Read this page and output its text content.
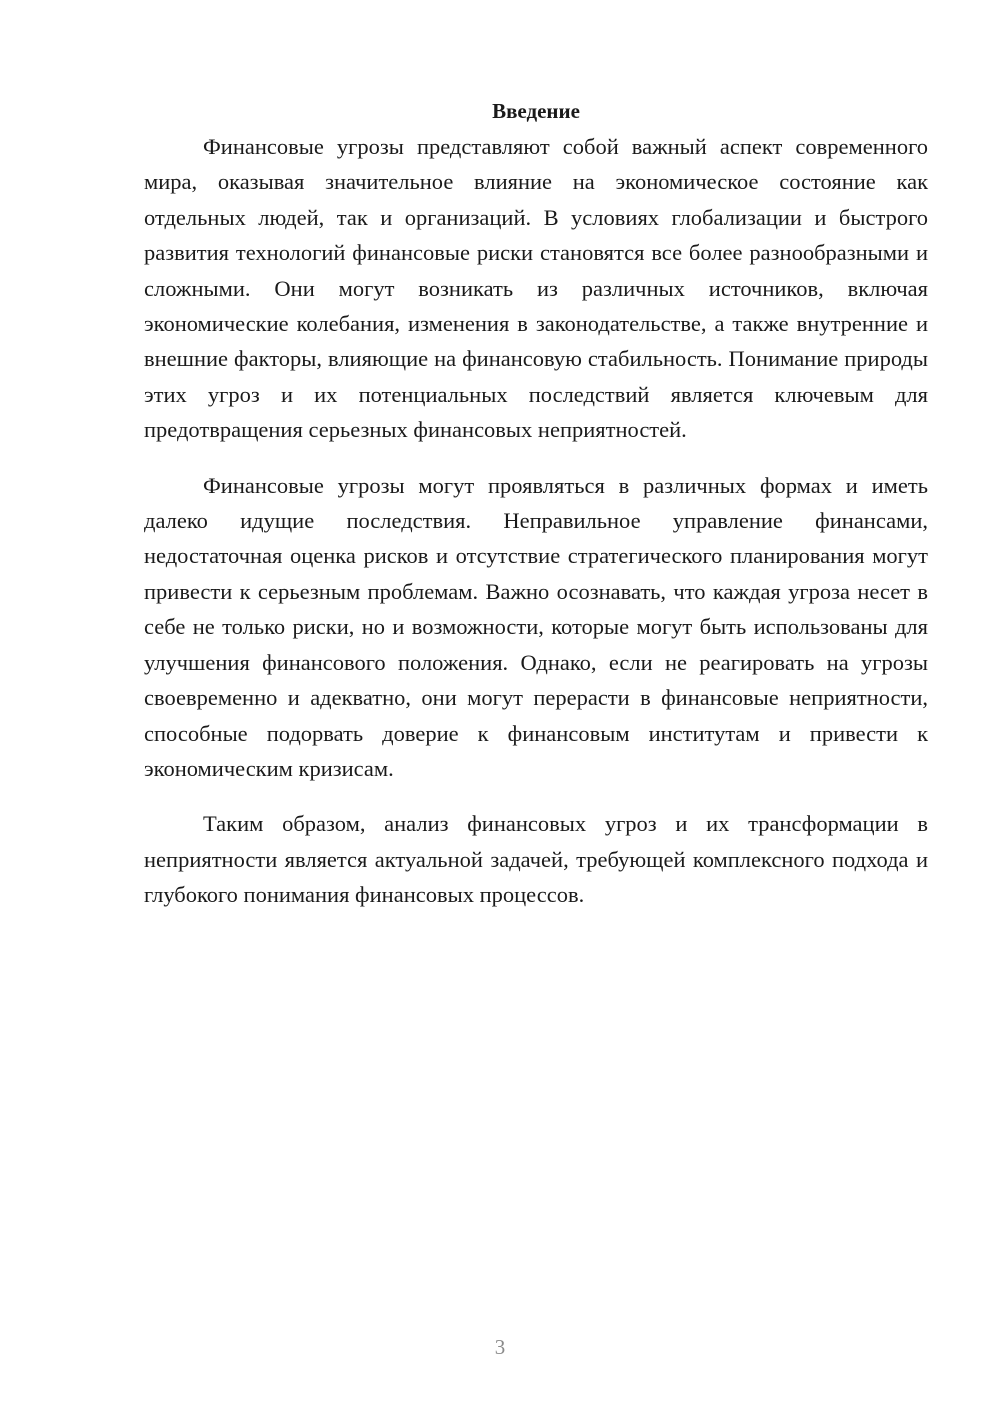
Введение

Финансовые угрозы представляют собой важный аспект современного мира, оказывая значительное влияние на экономическое состояние как отдельных людей, так и организаций. В условиях глобализации и быстрого развития технологий финансовые риски становятся все более разнообразными и сложными. Они могут возникать из различных источников, включая экономические колебания, изменения в законодательстве, а также внутренние и внешние факторы, влияющие на финансовую стабильность. Понимание природы этих угроз и их потенциальных последствий является ключевым для предотвращения серьезных финансовых неприятностей.

Финансовые угрозы могут проявляться в различных формах и иметь далеко идущие последствия. Неправильное управление финансами, недостаточная оценка рисков и отсутствие стратегического планирования могут привести к серьезным проблемам. Важно осознавать, что каждая угроза несет в себе не только риски, но и возможности, которые могут быть использованы для улучшения финансового положения. Однако, если не реагировать на угрозы своевременно и адекватно, они могут перерасти в финансовые неприятности, способные подорвать доверие к финансовым институтам и привести к экономическим кризисам.

Таким образом, анализ финансовых угроз и их трансформации в неприятности является актуальной задачей, требующей комплексного подхода и глубокого понимания финансовых процессов.

3
